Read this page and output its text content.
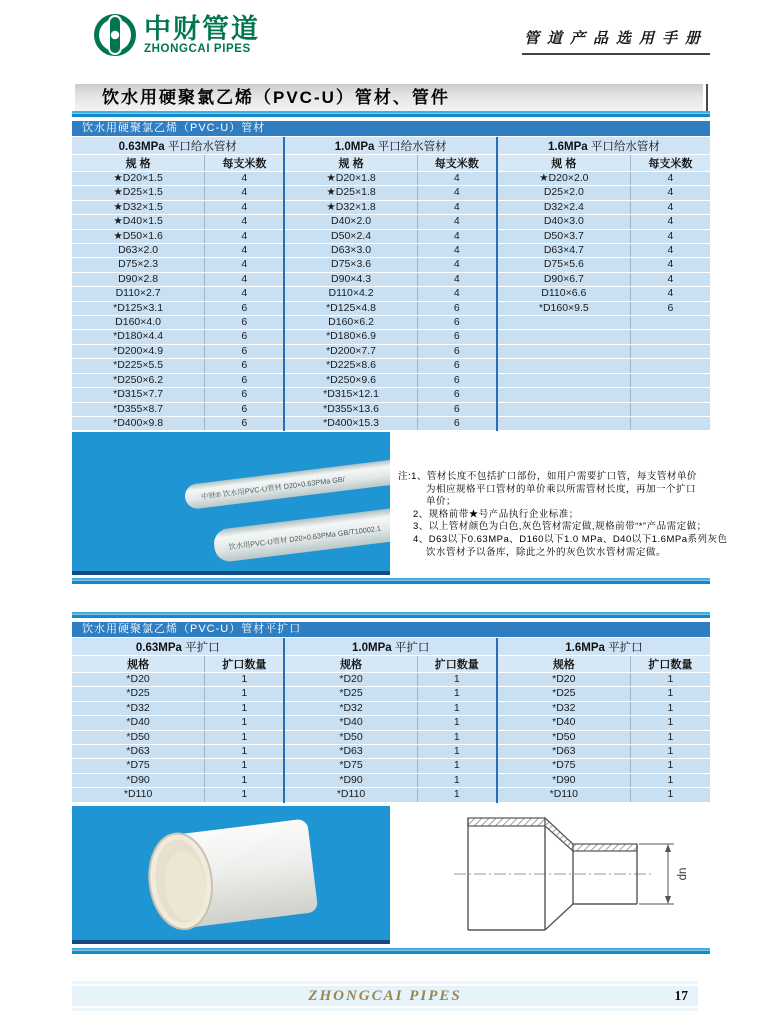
中财管道
ZHONGCAI PIPES
管道产品选用手册
饮水用硬聚氯乙烯（PVC-U）管材、管件
饮水用硬聚氯乙烯（PVC-U）管材
0.63MPa 平口给水管材		1.0MPa 平口给水管材		1.6MPa 平口给水管材	
规 格	每支米数	规 格	每支米数	规 格	每支米数
★D20×1.5	4	★D20×1.8	4	★D20×2.0	4
★D25×1.5	4	★D25×1.8	4	D25×2.0	4
★D32×1.5	4	★D32×1.8	4	D32×2.4	4
★D40×1.5	4	D40×2.0	4	D40×3.0	4
★D50×1.6	4	D50×2.4	4	D50×3.7	4
D63×2.0	4	D63×3.0	4	D63×4.7	4
D75×2.3	4	D75×3.6	4	D75×5.6	4
D90×2.8	4	D90×4.3	4	D90×6.7	4
D110×2.7	4	D110×4.2	4	D110×6.6	4
*D125×3.1	6	*D125×4.8	6	*D160×9.5	6
D160×4.0	6	D160×6.2	6		
*D180×4.4	6	*D180×6.9	6		
*D200×4.9	6	*D200×7.7	6		
*D225×5.5	6	*D225×8.6	6		
*D250×6.2	6	*D250×9.6	6		
*D315×7.7	6	*D315×12.1	6		
*D355×8.7	6	*D355×13.6	6		
*D400×9.8	6	*D400×15.3	6		
中财® 饮水用PVC-U管材 D20×0.63PMa GB/
饮水用PVC-U管材 D20×0.63PMa GB/T10002.1
注:1、管材长度不包括扩口部份，如用户需要扩口管，每支管材单价
为相应规格平口管材的单价乘以所需管材长度，再加一个扩口
单价；
2、规格前带★号产品执行企业标准；
3、以上管材颜色为白色,灰色管材需定做,规格前带“*”产品需定做；
4、D63以下0.63MPa、D160以下1.0 MPa、D40以下1.6MPa系列灰色
饮水管材予以备库，除此之外的灰色饮水管材需定做。
饮水用硬聚氯乙烯（PVC-U）管材平扩口
0.63MPa 平扩口		1.0MPa 平扩口		1.6MPa 平扩口	
规格	扩口数量	规格	扩口数量	规格	扩口数量
*D20	1	*D20	1	*D20	1
*D25	1	*D25	1	*D25	1
*D32	1	*D32	1	*D32	1
*D40	1	*D40	1	*D40	1
*D50	1	*D50	1	*D50	1
*D63	1	*D63	1	*D63	1
*D75	1	*D75	1	*D75	1
*D90	1	*D90	1	*D90	1
*D110	1	*D110	1	*D110	1
dn
ZHONGCAI PIPES	17
